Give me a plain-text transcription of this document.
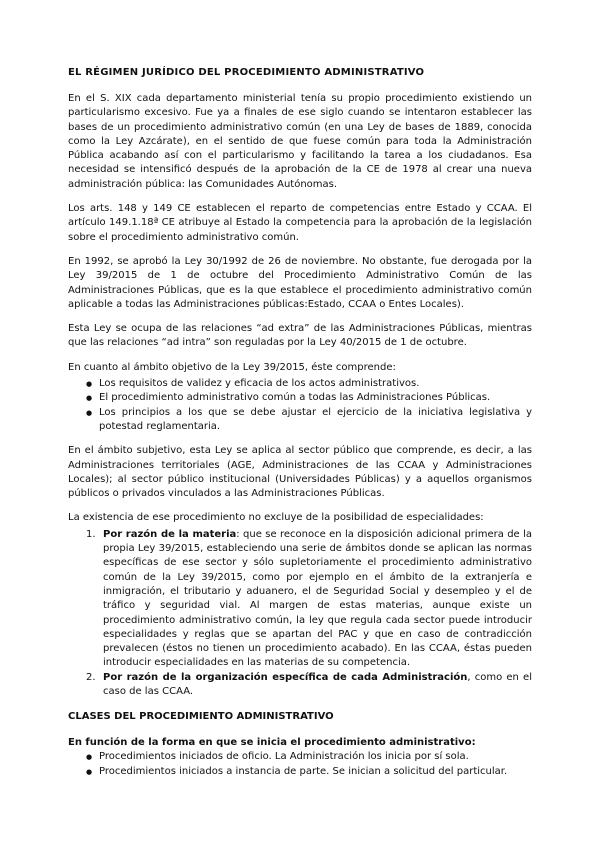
EL RÉGIMEN JURÍDICO DEL PROCEDIMIENTO ADMINISTRATIVO

En el S. XIX cada departamento ministerial tenía su propio procedimiento existiendo un particularismo excesivo. Fue ya a finales de ese siglo cuando se intentaron establecer las bases de un procedimiento administrativo común (en una Ley de bases de 1889, conocida como la Ley Azcárate), en el sentido de que fuese común para toda la Administración Pública acabando así con el particularismo y facilitando la tarea a los ciudadanos. Esa necesidad se intensificó después de la aprobación de la CE de 1978 al crear una nueva administración pública: las Comunidades Autónomas.

Los arts. 148 y 149 CE establecen el reparto de competencias entre Estado y CCAA. El artículo 149.1.18ª CE atribuye al Estado la competencia para la aprobación de la legislación sobre el procedimiento administrativo común.

En 1992, se aprobó la Ley 30/1992 de 26 de noviembre. No obstante, fue derogada por la Ley 39/2015 de 1 de octubre del Procedimiento Administrativo Común de las Administraciones Públicas, que es la que establece el procedimiento administrativo común aplicable a todas las Administraciones públicas:Estado, CCAA o Entes Locales).

Esta Ley se ocupa de las relaciones “ad extra” de las Administraciones Públicas, mientras que las relaciones “ad intra” son reguladas por la Ley 40/2015 de 1 de octubre.

En cuanto al ámbito objetivo de la Ley 39/2015, éste comprende:

● Los requisitos de validez y eficacia de los actos administrativos.
● El procedimiento administrativo común a todas las Administraciones Públicas.
● Los principios a los que se debe ajustar el ejercicio de la iniciativa legislativa y potestad reglamentaria.

En el ámbito subjetivo, esta Ley se aplica al sector público que comprende, es decir, a las Administraciones territoriales (AGE, Administraciones de las CCAA y Administraciones Locales); al sector público institucional (Universidades Públicas) y a aquellos organismos públicos o privados vinculados a las Administraciones Públicas.

La existencia de ese procedimiento no excluye de la posibilidad de especialidades:

1. Por razón de la materia: que se reconoce en la disposición adicional primera de la propia Ley 39/2015, estableciendo una serie de ámbitos donde se aplican las normas específicas de ese sector y sólo supletoriamente el procedimiento administrativo común de la Ley 39/2015, como por ejemplo en el ámbito de la extranjería e inmigración, el tributario y aduanero, el de Seguridad Social y desempleo y el de tráfico y seguridad vial. Al margen de estas materias, aunque existe un procedimiento administrativo común, la ley que regula cada sector puede introducir especialidades y reglas que se apartan del PAC y que en caso de contradicción prevalecen (éstos no tienen un procedimiento acabado). En las CCAA, éstas pueden introducir especialidades en las materias de su competencia.
2. Por razón de la organización específica de cada Administración, como en el caso de las CCAA.
CLASES DEL PROCEDIMIENTO ADMINISTRATIVO
En función de la forma en que se inicia el procedimiento administrativo:
● Procedimientos iniciados de oficio. La Administración los inicia por sí sola.
● Procedimientos iniciados a instancia de parte. Se inician a solicitud del particular.
